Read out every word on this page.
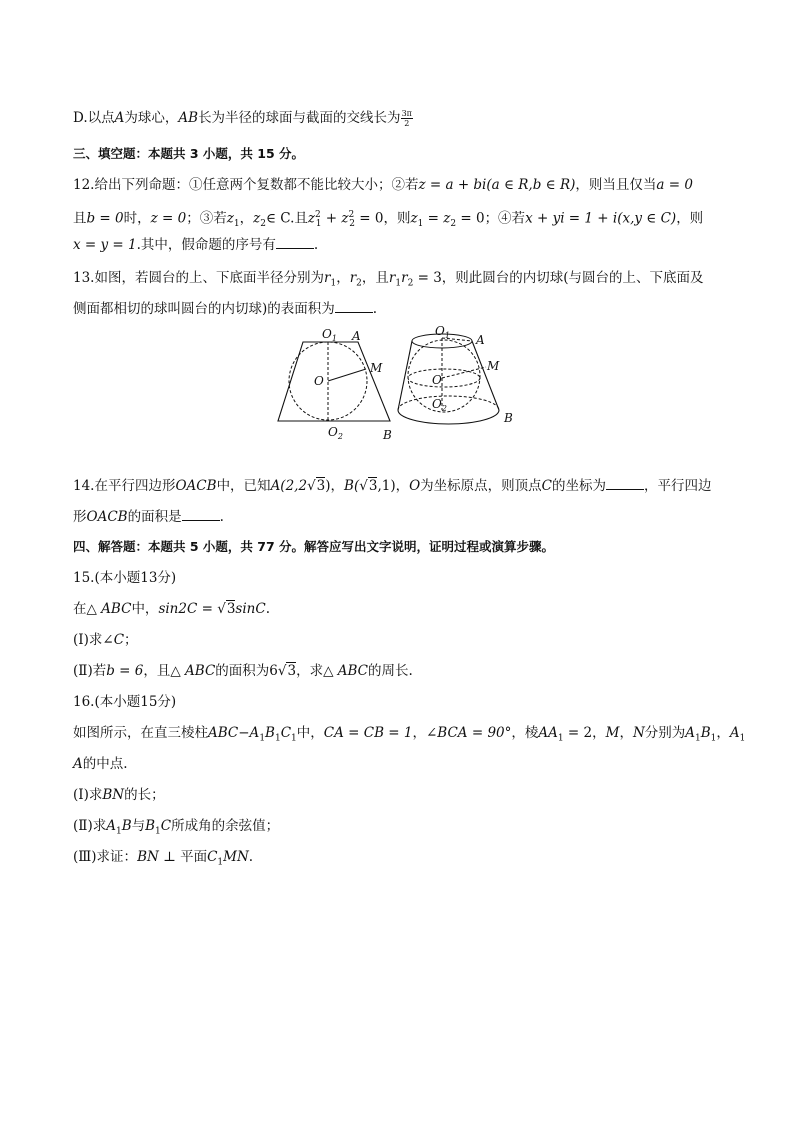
D.以点A为球心，AB长为半径的球面与截面的交线长为 $\frac{3\pi}{2}$
三、填空题：本题共 3 小题，共 15 分。
12.给出下列命题：①任意两个复数都不能比较大小；②若z = a + bi(a ∈ R,b ∈ R)，则当且仅当a = 0
且b = 0时，z = 0；③若$z_1$，$z_2\in$ C.且$z^2_1 + z^2_2 = 0$，则$z_1 = z_2 = 0$；④若x + yi = 1 + i(x,y ∈ C)，则
x = y = 1.其中，假命题的序号有	.
13.如图，若圆台的上、下底面半径分别为$r_1$，$r_2$，且$r_1r_2 = 3$，则此圆台的内切球(与圆台的上、下底面及
侧面都相切的球叫圆台的内切球)的表面积为	.
$O_1$ A
M
O
$O_2$	B
$O_1$ A
M
O
$O_2$
B
14.在平行四边形OACB中，已知A(2,2√3)，B(√3,1)，O为坐标原点，则顶点C的坐标为	，平行四边
形OACB的面积是	.
四、解答题：本题共 5 小题，共 77 分。解答应写出文字说明，证明过程或演算步骤。
15.(本小题13分)
在△ ABC中，sin2C = √3sinC.
(Ⅰ)求∠C；
(Ⅱ)若b = 6，且△ ABC的面积为6√3，求△ ABC的周长.
16.(本小题15分)
如图所示，在直三棱柱$ABC-A_1B_1C_1$中，CA = CB = 1，∠BCA = 90°，棱$AA_1 = 2$，M，N分别为$A_1B_1$，$A_1$
A的中点.
(Ⅰ)求BN的长；
(Ⅱ)求$A_1B$与$B_1C$所成角的余弦值；
(Ⅲ)求证：BN ⊥ 平面$C_1MN$.
